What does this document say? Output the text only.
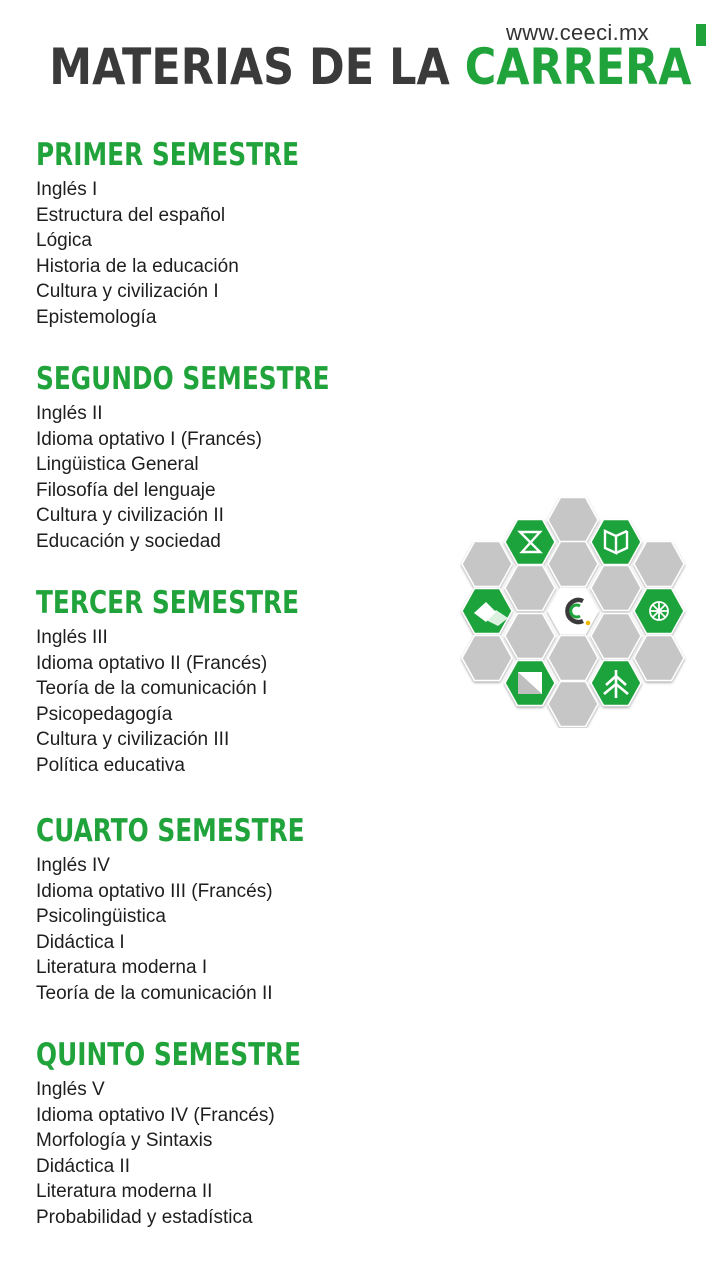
www.ceeci.mx
MATERIAS DE LA CARRERA
PRIMER SEMESTRE
Inglés I
Estructura del español
Lógica
Historia de la educación
Cultura y civilización I
Epistemología
SEGUNDO SEMESTRE
Inglés II
Idioma optativo I (Francés)
Lingüistica General
Filosofía del lenguaje
Cultura y civilización II
Educación y sociedad
TERCER SEMESTRE
Inglés III
Idioma optativo II (Francés)
Teoría de la comunicación I
Psicopedagogía
Cultura y civilización III
Política educativa
CUARTO SEMESTRE
Inglés IV
Idioma optativo III (Francés)
Psicolingüistica
Didáctica I
Literatura moderna I
Teoría de la comunicación II
QUINTO SEMESTRE
Inglés V
Idioma optativo IV (Francés)
Morfología y Sintaxis
Didáctica II
Literatura moderna II
Probabilidad y estadística
